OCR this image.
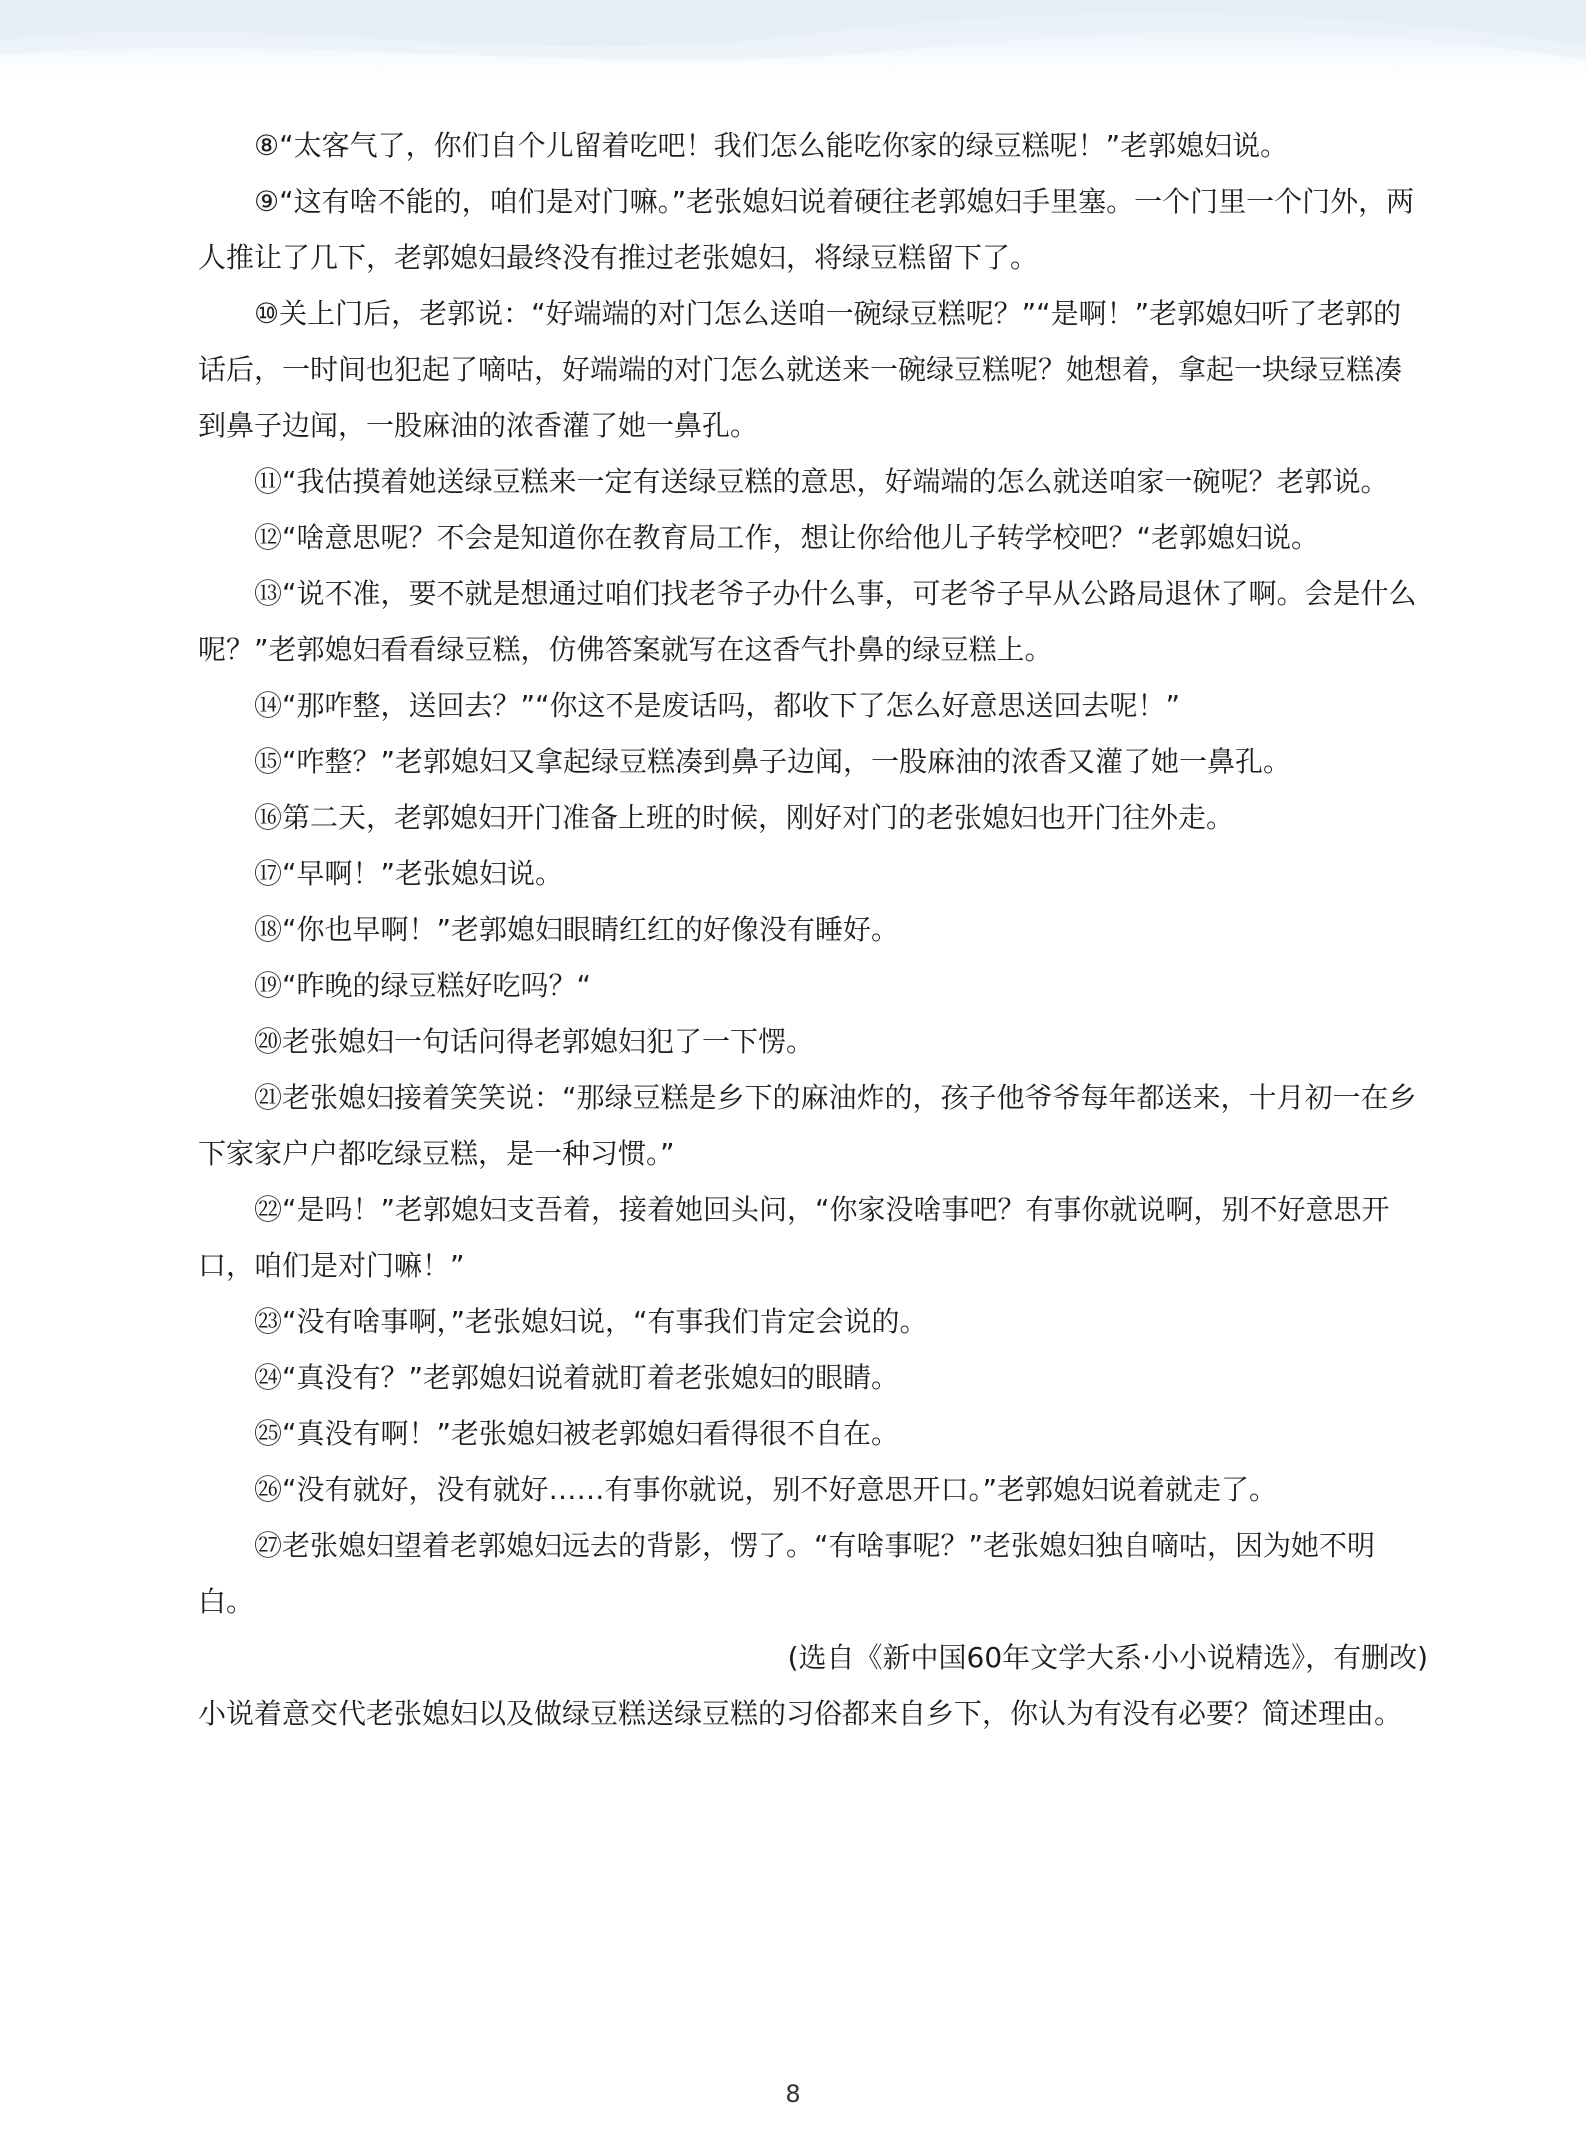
⑧“太客气了，你们自个儿留着吃吧！我们怎么能吃你家的绿豆糕呢！”老郭媳妇说。

⑨“这有啥不能的，咱们是对门嘛。”老张媳妇说着硬往老郭媳妇手里塞。一个门里一个门外，两人推让了几下，老郭媳妇最终没有推过老张媳妇，将绿豆糕留下了。

⑩关上门后，老郭说：“好端端的对门怎么送咱一碗绿豆糕呢？”“是啊！”老郭媳妇听了老郭的话后，一时间也犯起了嘀咕，好端端的对门怎么就送来一碗绿豆糕呢？她想着，拿起一块绿豆糕凑到鼻子边闻，一股麻油的浓香灌了她一鼻孔。

⑪“我估摸着她送绿豆糕来一定有送绿豆糕的意思，好端端的怎么就送咱家一碗呢？老郭说。

⑫“啥意思呢？不会是知道你在教育局工作，想让你给他儿子转学校吧？“老郭媳妇说。

⑬“说不准，要不就是想通过咱们找老爷子办什么事，可老爷子早从公路局退休了啊。会是什么呢？”老郭媳妇看看绿豆糕，仿佛答案就写在这香气扑鼻的绿豆糕上。

⑭“那咋整，送回去？”“你这不是废话吗，都收下了怎么好意思送回去呢！”

⑮“咋整？”老郭媳妇又拿起绿豆糕凑到鼻子边闻，一股麻油的浓香又灌了她一鼻孔。

⑯第二天，老郭媳妇开门准备上班的时候，刚好对门的老张媳妇也开门往外走。

⑰“早啊！”老张媳妇说。

⑱“你也早啊！”老郭媳妇眼睛红红的好像没有睡好。

⑲“昨晚的绿豆糕好吃吗？“

⑳老张媳妇一句话问得老郭媳妇犯了一下愣。

㉑老张媳妇接着笑笑说：“那绿豆糕是乡下的麻油炸的，孩子他爷爷每年都送来，十月初一在乡下家家户户都吃绿豆糕，是一种习惯。”

㉒“是吗！”老郭媳妇支吾着，接着她回头问，“你家没啥事吧？有事你就说啊，别不好意思开口，咱们是对门嘛！”

㉓“没有啥事啊，”老张媳妇说，“有事我们肯定会说的。

㉔“真没有？”老郭媳妇说着就盯着老张媳妇的眼睛。

㉕“真没有啊！”老张媳妇被老郭媳妇看得很不自在。

㉖“没有就好，没有就好……有事你就说，别不好意思开口。”老郭媳妇说着就走了。

㉗老张媳妇望着老郭媳妇远去的背影，愣了。“有啥事呢？”老张媳妇独自嘀咕，因为她不明白。

(选自《新中国60年文学大系·小小说精选》，有删改)

小说着意交代老张媳妇以及做绿豆糕送绿豆糕的习俗都来自乡下，你认为有没有必要？简述理由。

8
